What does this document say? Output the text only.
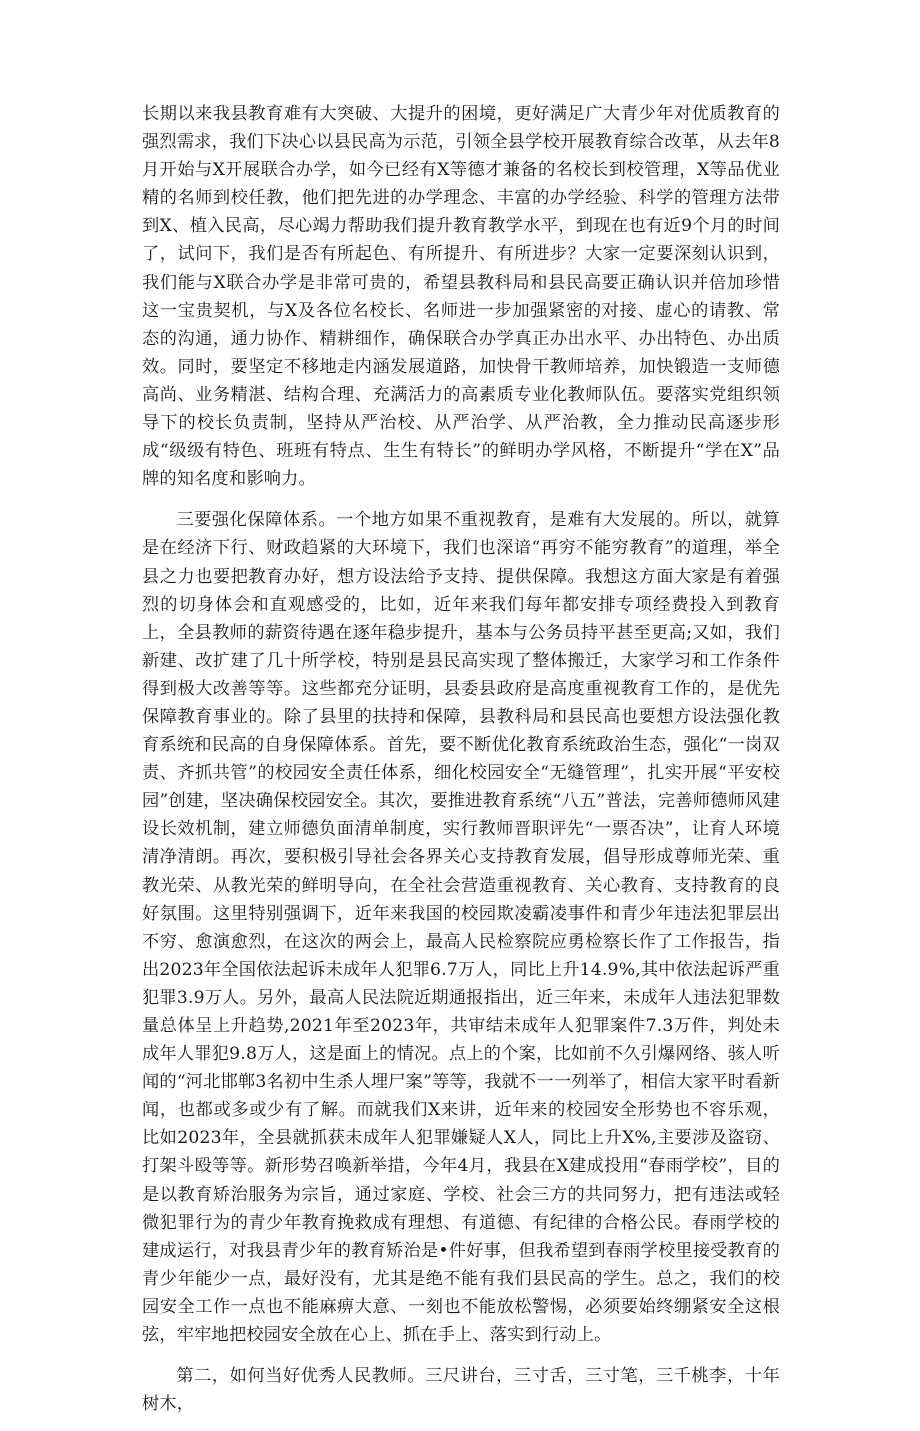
长期以来我县教育难有大突破、大提升的困境，更好满足广大青少年对优质教育的强烈需求，我们下决心以县民高为示范，引领全县学校开展教育综合改革，从去年8月开始与X开展联合办学，如今已经有X等德才兼备的名校长到校管理，X等品优业精的名师到校任教，他们把先进的办学理念、丰富的办学经验、科学的管理方法带到X、植入民高，尽心竭力帮助我们提升教育教学水平，到现在也有近9个月的时间了，试问下，我们是否有所起色、有所提升、有所进步？大家一定要深刻认识到，我们能与X联合办学是非常可贵的，希望县教科局和县民高要正确认识并倍加珍惜这一宝贵契机，与X及各位名校长、名师进一步加强紧密的对接、虚心的请教、常态的沟通，通力协作、精耕细作，确保联合办学真正办出水平、办出特色、办出质效。同时，要坚定不移地走内涵发展道路，加快骨干教师培养，加快锻造一支师德高尚、业务精湛、结构合理、充满活力的高素质专业化教师队伍。要落实党组织领导下的校长负责制，坚持从严治校、从严治学、从严治教，全力推动民高逐步形成“级级有特色、班班有特点、生生有特长”的鲜明办学风格，不断提升“学在X”品牌的知名度和影响力。

三要强化保障体系。一个地方如果不重视教育，是难有大发展的。所以，就算是在经济下行、财政趋紧的大环境下，我们也深谙“再穷不能穷教育”的道理，举全县之力也要把教育办好，想方设法给予支持、提供保障。我想这方面大家是有着强烈的切身体会和直观感受的，比如，近年来我们每年都安排专项经费投入到教育上，全县教师的薪资待遇在逐年稳步提升，基本与公务员持平甚至更高;又如，我们新建、改扩建了几十所学校，特别是县民高实现了整体搬迁，大家学习和工作条件得到极大改善等等。这些都充分证明，县委县政府是高度重视教育工作的，是优先保障教育事业的。除了县里的扶持和保障，县教科局和县民高也要想方设法强化教育系统和民高的自身保障体系。首先，要不断优化教育系统政治生态，强化“一岗双责、齐抓共管”的校园安全责任体系，细化校园安全“无缝管理”，扎实开展“平安校园”创建，坚决确保校园安全。其次，要推进教育系统“八五”普法，完善师德师风建设长效机制，建立师德负面清单制度，实行教师晋职评先“一票否决”，让育人环境清净清朗。再次，要积极引导社会各界关心支持教育发展，倡导形成尊师光荣、重教光荣、从教光荣的鲜明导向，在全社会营造重视教育、关心教育、支持教育的良好氛围。这里特别强调下，近年来我国的校园欺凌霸凌事件和青少年违法犯罪层出不穷、愈演愈烈，在这次的两会上，最高人民检察院应勇检察长作了工作报告，指出2023年全国依法起诉未成年人犯罪6.7万人，同比上升14.9%,其中依法起诉严重犯罪3.9万人。另外，最高人民法院近期通报指出，近三年来，未成年人违法犯罪数量总体呈上升趋势,2021年至2023年，共审结未成年人犯罪案件7.3万件，判处未成年人罪犯9.8万人，这是面上的情况。点上的个案，比如前不久引爆网络、骇人听闻的“河北邯郸3名初中生杀人埋尸案”等等，我就不一一列举了，相信大家平时看新闻，也都或多或少有了解。而就我们X来讲，近年来的校园安全形势也不容乐观，比如2023年，全县就抓获未成年人犯罪嫌疑人X人，同比上升X%,主要涉及盗窃、打架斗殴等等。新形势召唤新举措，今年4月，我县在X建成投用“春雨学校”，目的是以教育矫治服务为宗旨，通过家庭、学校、社会三方的共同努力，把有违法或轻微犯罪行为的青少年教育挽救成有理想、有道德、有纪律的合格公民。春雨学校的建成运行，对我县青少年的教育矫治是•件好事，但我希望到春雨学校里接受教育的青少年能少一点，最好没有，尤其是绝不能有我们县民高的学生。总之，我们的校园安全工作一点也不能麻痹大意、一刻也不能放松警惕，必须要始终绷紧安全这根弦，牢牢地把校园安全放在心上、抓在手上、落实到行动上。

第二，如何当好优秀人民教师。三尺讲台，三寸舌，三寸笔，三千桃李，十年树木，
